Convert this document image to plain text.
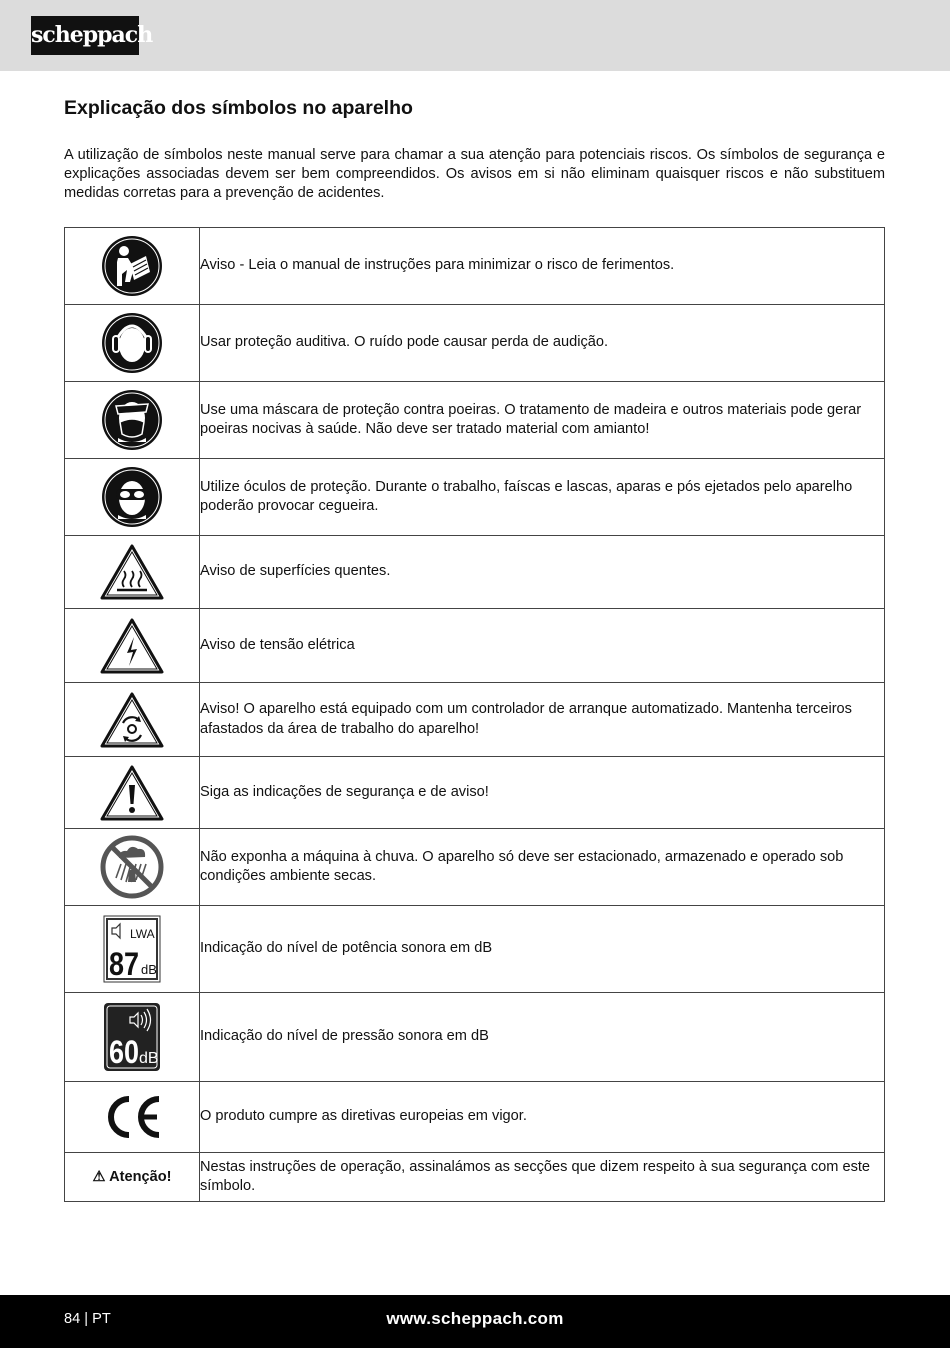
scheppach
Explicação dos símbolos no aparelho

A utilização de símbolos neste manual serve para chamar a sua atenção para potenciais riscos. Os símbolos de segurança e explicações associadas devem ser bem compreendidos. Os avisos em si não eliminam quaisquer riscos e não substituem medidas corretas para a prevenção de acidentes.

	Aviso - Leia o manual de instruções para minimizar o risco de ferimentos.

	Usar proteção auditiva. O ruído pode causar perda de audição.

	Use uma máscara de proteção contra poeiras. O tratamento de madeira e outros materiais pode gerar poeiras nocivas à saúde. Não deve ser tratado material com amianto!

	Utilize óculos de proteção. Durante o trabalho, faíscas e lascas, aparas e pós ejetados pelo aparelho poderão provocar cegueira.

	Aviso de superfícies quentes.

	Aviso de tensão elétrica

	Aviso! O aparelho está equipado com um controlador de arranque automatizado. Mantenha terceiros afastados da área de trabalho do aparelho!

	Siga as indicações de segurança e de aviso!

	Não exponha a máquina à chuva. O aparelho só deve ser estacionado, armazenado e operado sob condições ambiente secas.

LWA
87 dB	Indicação do nível de potência sonora em dB

60 dB	Indicação do nível de pressão sonora em dB

	O produto cumpre as diretivas europeias em vigor.
⚠ Atenção!	Nestas instruções de operação, assinalámos as secções que dizem respeito à sua segurança com este símbolo.
84 | PT	www.scheppach.com
